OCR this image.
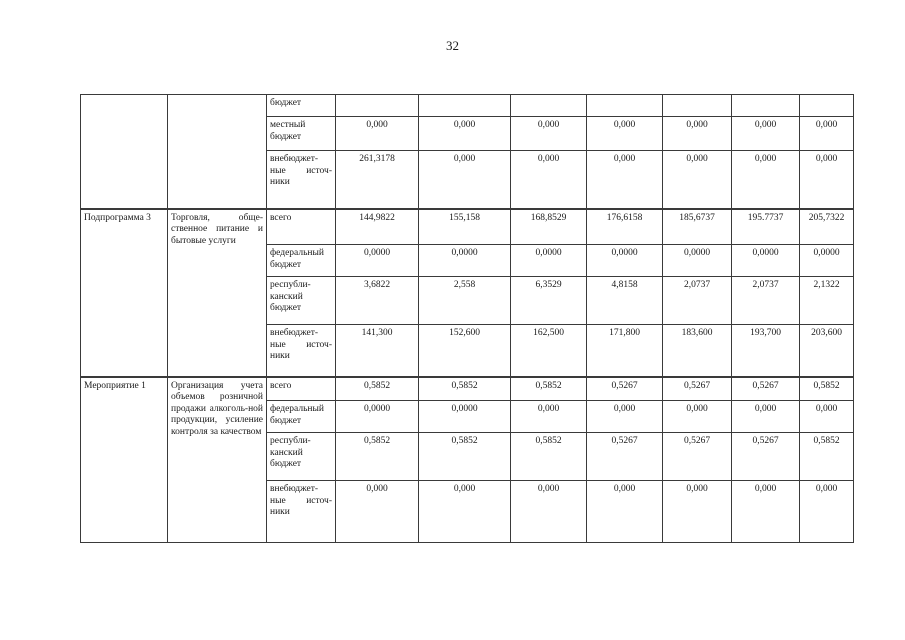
32
		бюджет							
		местный бюджет	0,000	0,000	0,000	0,000	0,000	0,000	0,000
		внебюджет-ные источ-ники	261,3178	0,000	0,000	0,000	0,000	0,000	0,000
Подпрограмма 3	Торговля, обще-ственное питание и бытовые услуги	всего	144,9822	155,158	168,8529	176,6158	185,6737	195.7737	205,7322
		федеральный бюджет	0,0000	0,0000	0,0000	0,0000	0,0000	0,0000	0,0000
		республи-канский бюджет	3,6822	2,558	6,3529	4,8158	2,0737	2,0737	2,1322
		внебюджет-ные источ-ники	141,300	152,600	162,500	171,800	183,600	193,700	203,600
Мероприятие 1	Организация учета объемов розничной продажи алкоголь-ной продукции, усиление контроля за качеством	всего	0,5852	0,5852	0,5852	0,5267	0,5267	0,5267	0,5852
		федеральный бюджет	0,0000	0,0000	0,000	0,000	0,000	0,000	0,000
		республи-канский бюджет	0,5852	0,5852	0,5852	0,5267	0,5267	0,5267	0,5852
		внебюджет-ные источ-ники	0,000	0,000	0,000	0,000	0,000	0,000	0,000
